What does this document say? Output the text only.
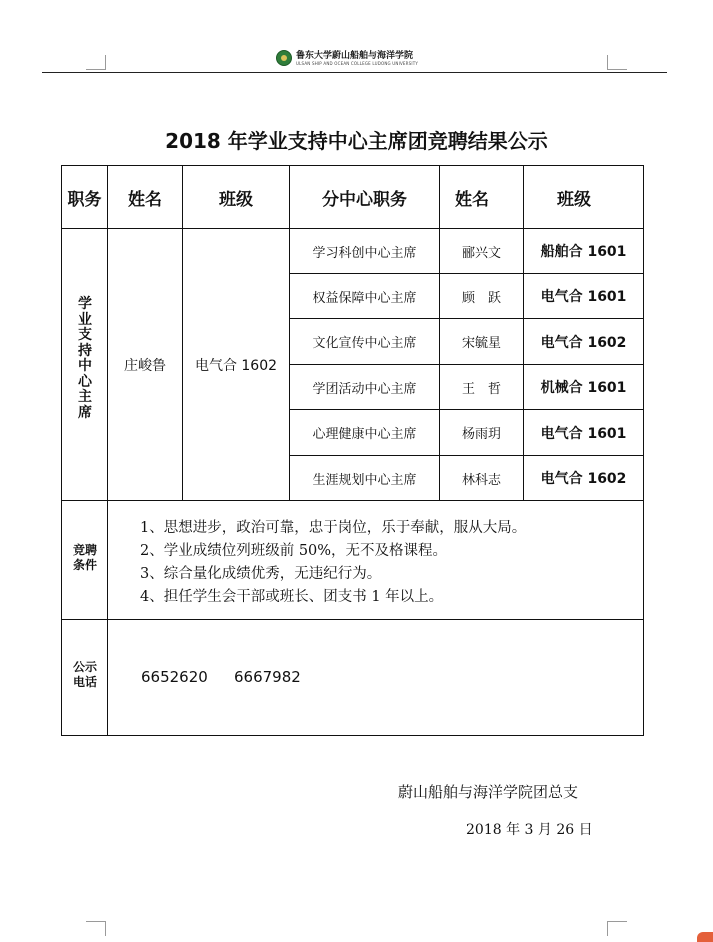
鲁东大学蔚山船舶与海洋学院
ULSAN SHIP AND OCEAN COLLEGE LUDONG UNIVERSITY
2018 年学业支持中心主席团竞聘结果公示
职务	姓名	班级	分中心职务	姓名	班级
学
业
支
持
中
心
主
席
庄峻鲁	电气合 1602
学习科创中心主席	郦兴文	船舶合 1601
权益保障中心主席	顾　跃	电气合 1601
文化宣传中心主席	宋毓星	电气合 1602
学团活动中心主席	王　哲	机械合 1601
心理健康中心主席	杨雨玥	电气合 1601
生涯规划中心主席	林科志	电气合 1602
竞聘
条件
1、思想进步，政治可靠，忠于岗位，乐于奉献，服从大局。
2、学业成绩位列班级前 50%，无不及格课程。
3、综合量化成绩优秀，无违纪行为。
4、担任学生会干部或班长、团支书 1 年以上。
公示
电话	6652620 6667982
蔚山船舶与海洋学院团总支
2018 年 3 月 26 日
